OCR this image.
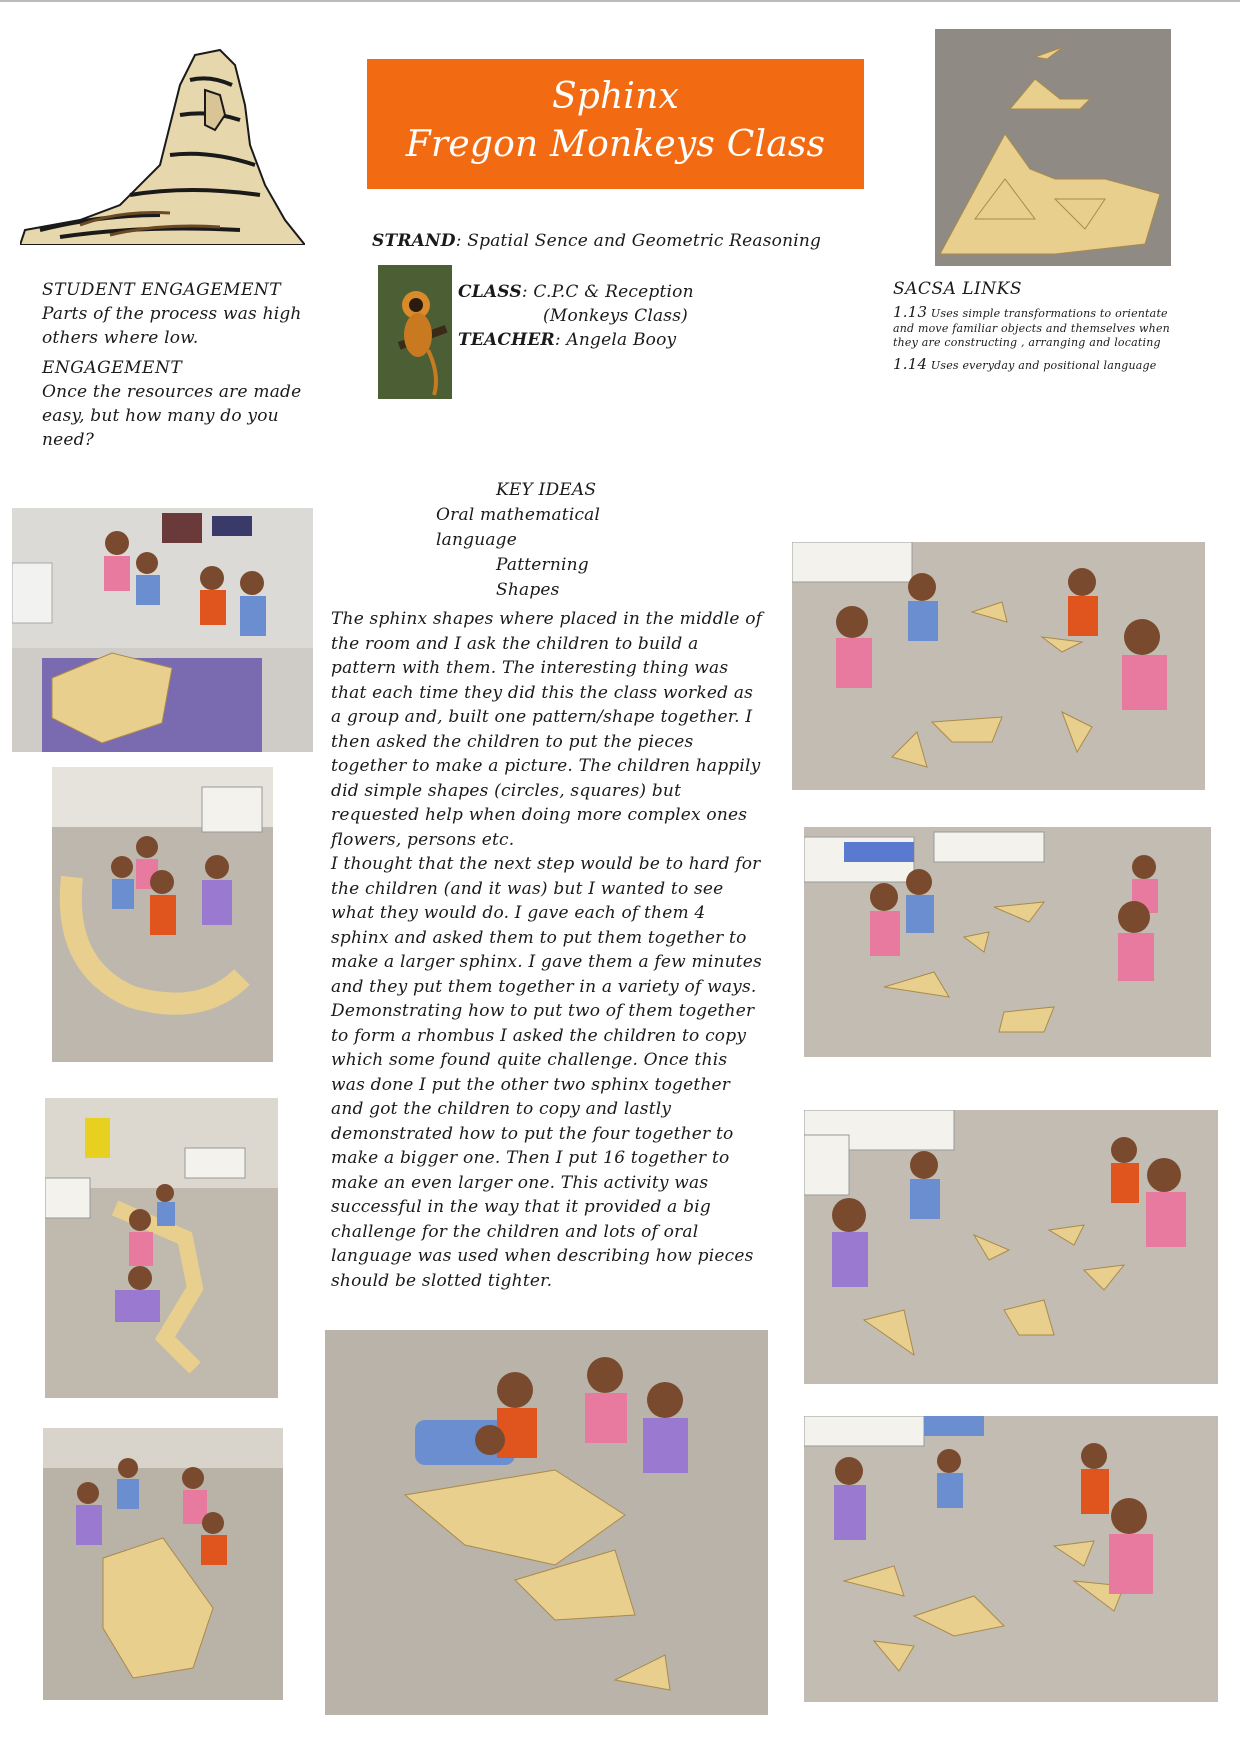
Sphinx
Fregon Monkeys Class
STRAND: Spatial Sence and Geometric Reasoning
CLASS: C.P.C & Reception
(Monkeys Class)
TEACHER: Angela Booy
SACSA LINKS
1.13 Uses simple transformations to orientate and move familiar objects and themselves when they are constructing , arranging and locating
1.14 Uses everyday and positional language
STUDENT ENGAGEMENT
Parts of the process was high others where low.
ENGAGEMENT
Once the resources are made easy, but how many do you need?
KEY IDEAS
Oral mathematical language
Patterning
Shapes
The sphinx shapes where placed in the middle of the room and I ask the children to build a pattern with them. The interesting thing was that each time they did this the class worked as a group and, built one pattern/shape together. I then asked the children to put the pieces together to make a picture. The children happily did simple shapes (circles, squares) but requested help when doing more complex ones flowers, persons etc.
I thought that the next step would be to hard for the children (and it was) but I wanted to see what they would do. I gave each of them 4 sphinx and asked them to put them together to make a larger sphinx. I gave them a few minutes and they put them together in a variety of ways. Demonstrating how to put two of them together to form a rhombus I asked the children to copy which some found quite challenge. Once this was done I put the other two sphinx together and got the children to copy and lastly demonstrated how to put the four together to make a bigger one. Then I put 16 together to make an even larger one. This activity was successful in the way that it provided a big challenge for the children and lots of oral language was used when describing how pieces should be slotted tighter.
